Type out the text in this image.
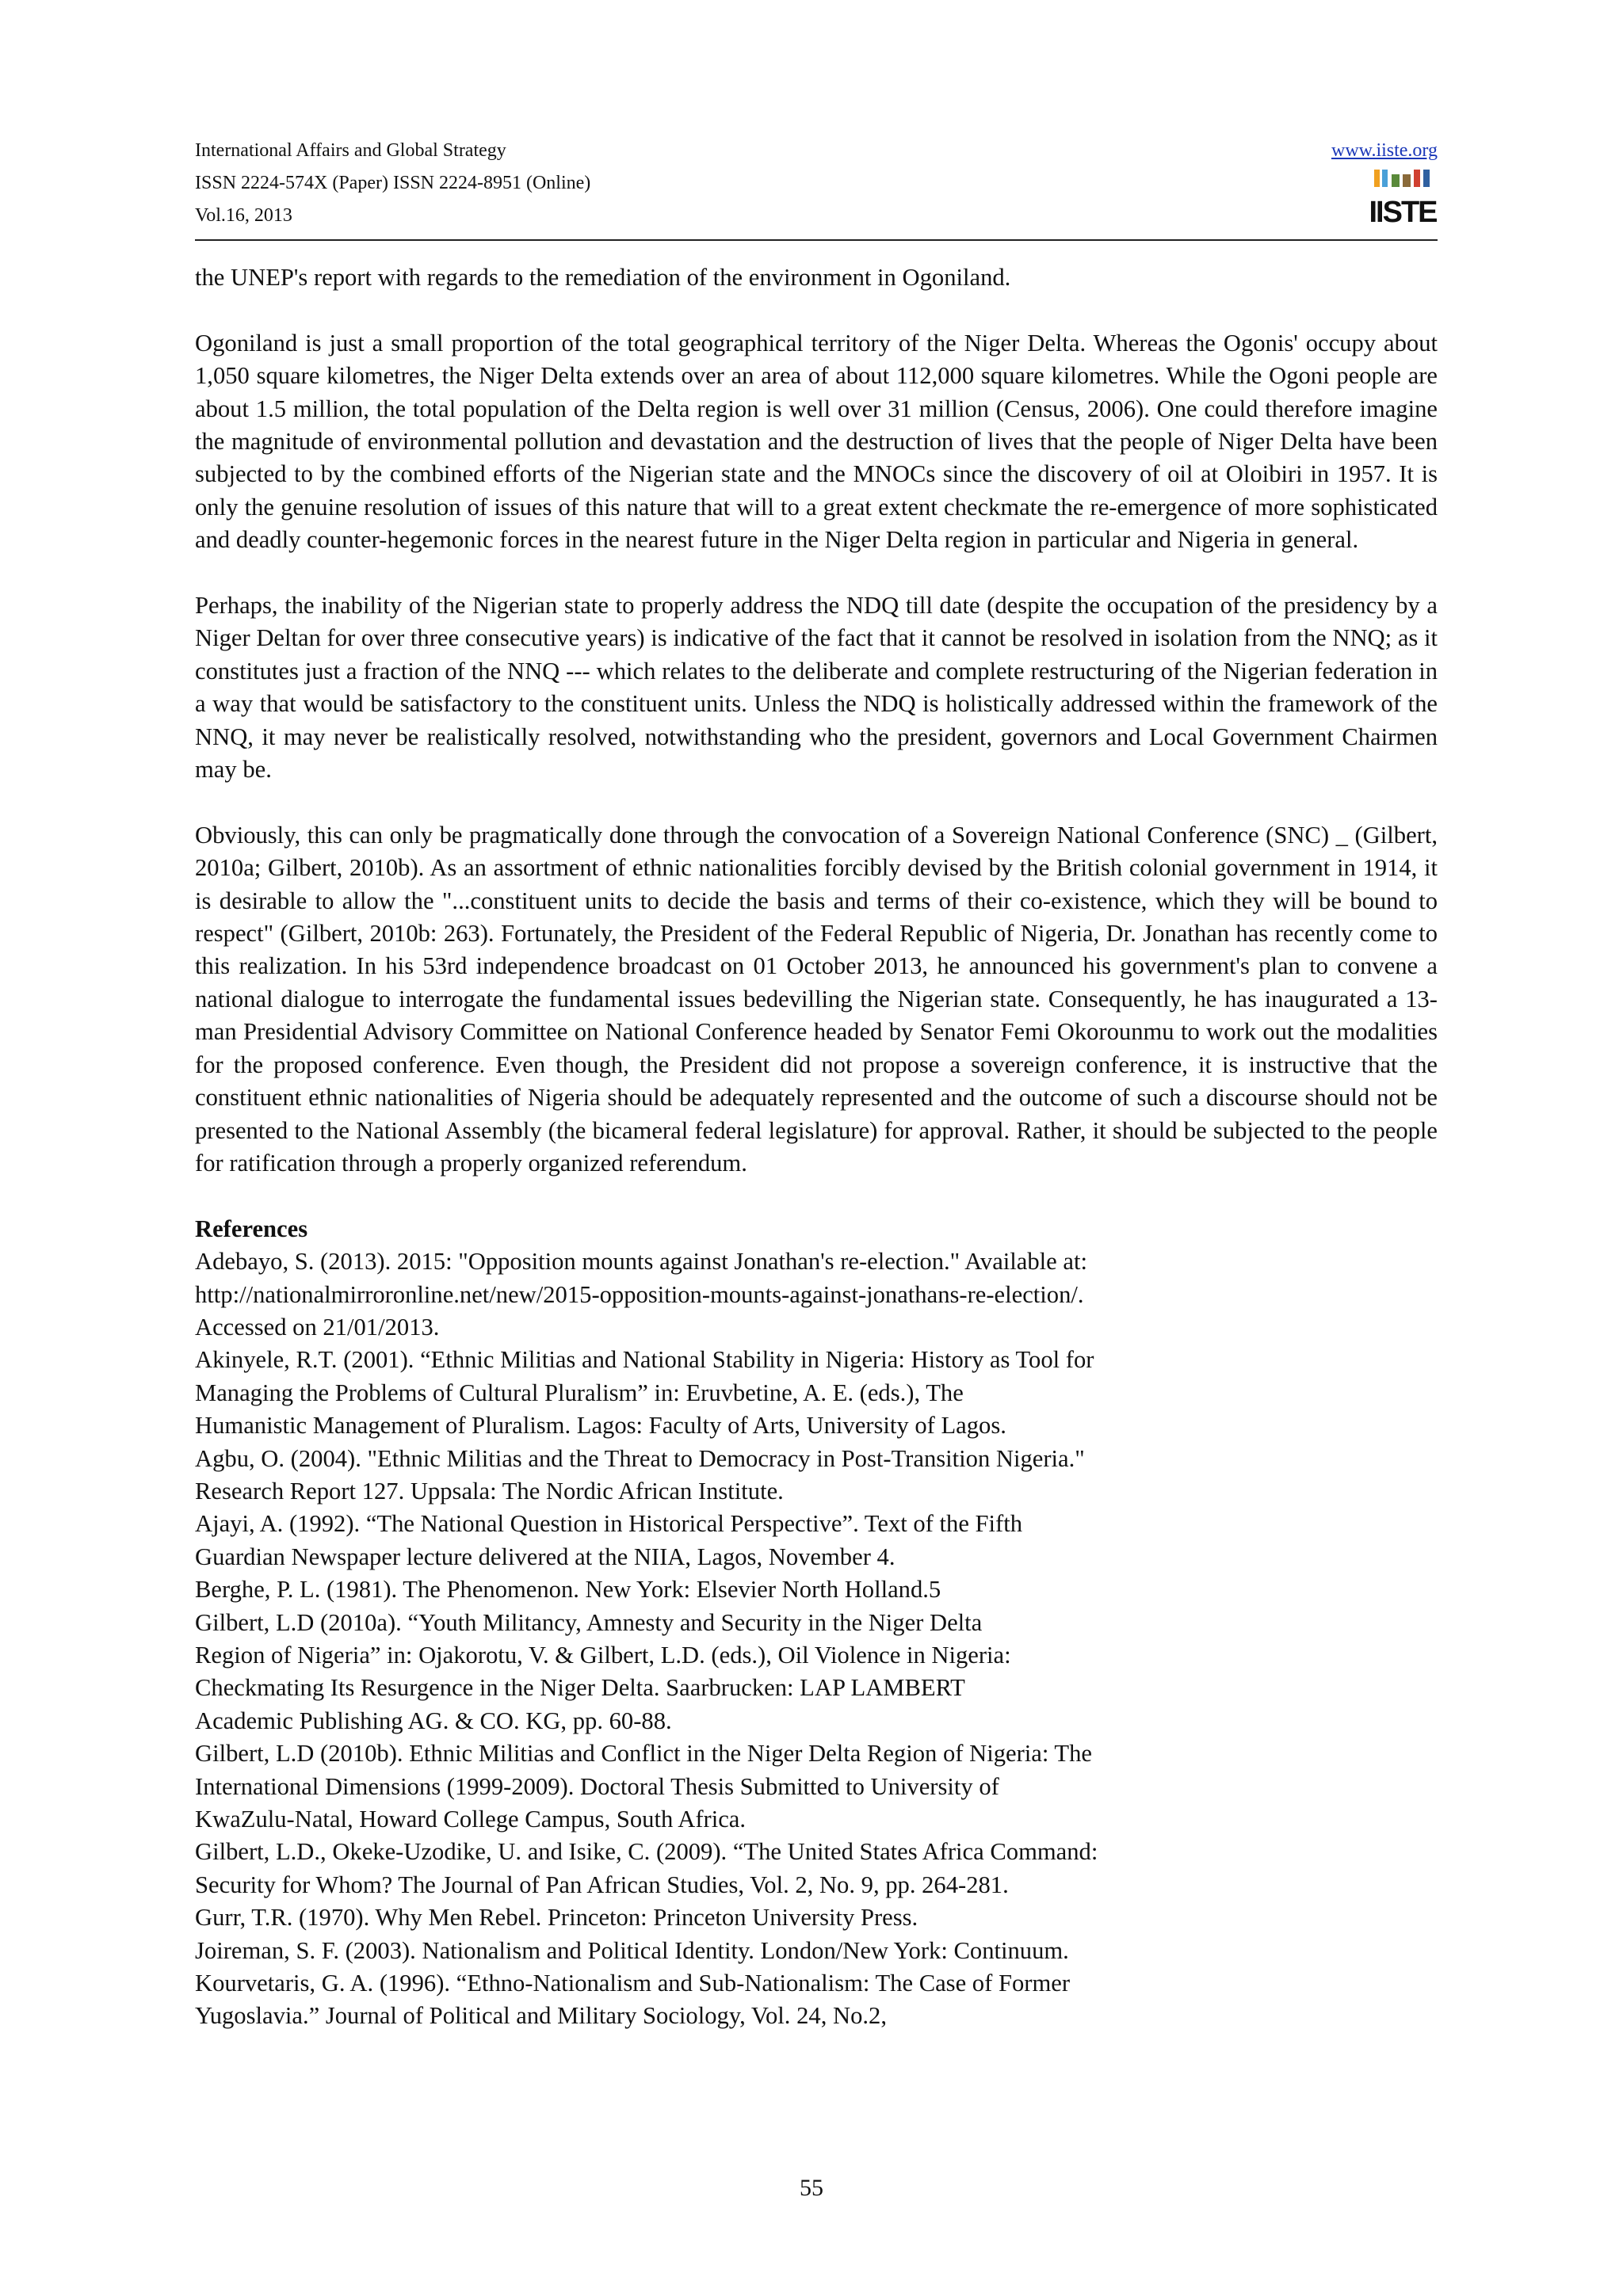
International Affairs and Global Strategy
ISSN 2224-574X (Paper) ISSN 2224-8951 (Online)
Vol.16, 2013
www.iiste.org
IISTE

the UNEP's report with regards to the remediation of the environment in Ogoniland.

Ogoniland is just a small proportion of the total geographical territory of the Niger Delta. Whereas the Ogonis' occupy about 1,050 square kilometres, the Niger Delta extends over an area of about 112,000 square kilometres. While the Ogoni people are about 1.5 million, the total population of the Delta region is well over 31 million (Census, 2006). One could therefore imagine the magnitude of environmental pollution and devastation and the destruction of lives that the people of Niger Delta have been subjected to by the combined efforts of the Nigerian state and the MNOCs since the discovery of oil at Oloibiri in 1957. It is only the genuine resolution of issues of this nature that will to a great extent checkmate the re-emergence of more sophisticated and deadly counter-hegemonic forces in the nearest future in the Niger Delta region in particular and Nigeria in general.

Perhaps, the inability of the Nigerian state to properly address the NDQ till date (despite the occupation of the presidency by a Niger Deltan for over three consecutive years) is indicative of the fact that it cannot be resolved in isolation from the NNQ; as it constitutes just a fraction of the NNQ --- which relates to the deliberate and complete restructuring of the Nigerian federation in a way that would be satisfactory to the constituent units. Unless the NDQ is holistically addressed within the framework of the NNQ, it may never be realistically resolved, notwithstanding who the president, governors and Local Government Chairmen may be.

Obviously, this can only be pragmatically done through the convocation of a Sovereign National Conference (SNC) _ (Gilbert, 2010a; Gilbert, 2010b). As an assortment of ethnic nationalities forcibly devised by the British colonial government in 1914, it is desirable to allow the "...constituent units to decide the basis and terms of their co-existence, which they will be bound to respect" (Gilbert, 2010b: 263). Fortunately, the President of the Federal Republic of Nigeria, Dr. Jonathan has recently come to this realization. In his 53rd independence broadcast on 01 October 2013, he announced his government's plan to convene a national dialogue to interrogate the fundamental issues bedevilling the Nigerian state. Consequently, he has inaugurated a 13-man Presidential Advisory Committee on National Conference headed by Senator Femi Okorounmu to work out the modalities for the proposed conference. Even though, the President did not propose a sovereign conference, it is instructive that the constituent ethnic nationalities of Nigeria should be adequately represented and the outcome of such a discourse should not be presented to the National Assembly (the bicameral federal legislature) for approval. Rather, it should be subjected to the people for ratification through a properly organized referendum.

References
Adebayo, S. (2013). 2015: "Opposition mounts against Jonathan's re-election." Available at:
http://nationalmirroronline.net/new/2015-opposition-mounts-against-jonathans-re-election/.
Accessed on 21/01/2013.
Akinyele, R.T. (2001). “Ethnic Militias and National Stability in Nigeria: History as Tool for
Managing the Problems of Cultural Pluralism” in: Eruvbetine, A. E. (eds.), The
Humanistic Management of Pluralism. Lagos: Faculty of Arts, University of Lagos.
Agbu, O. (2004). "Ethnic Militias and the Threat to Democracy in Post-Transition Nigeria."
Research Report 127. Uppsala: The Nordic African Institute.
Ajayi, A. (1992). “The National Question in Historical Perspective”. Text of the Fifth
Guardian Newspaper lecture delivered at the NIIA, Lagos, November 4.
Berghe, P. L. (1981). The Phenomenon. New York: Elsevier North Holland.5
Gilbert, L.D (2010a). “Youth Militancy, Amnesty and Security in the Niger Delta
Region of Nigeria” in: Ojakorotu, V. & Gilbert, L.D. (eds.), Oil Violence in Nigeria:
Checkmating Its Resurgence in the Niger Delta. Saarbrucken: LAP LAMBERT
Academic Publishing AG. & CO. KG, pp. 60-88.
Gilbert, L.D (2010b). Ethnic Militias and Conflict in the Niger Delta Region of Nigeria: The
International Dimensions (1999-2009). Doctoral Thesis Submitted to University of
KwaZulu-Natal, Howard College Campus, South Africa.
Gilbert, L.D., Okeke-Uzodike, U. and Isike, C. (2009). “The United States Africa Command:
Security for Whom? The Journal of Pan African Studies, Vol. 2, No. 9, pp. 264-281.
Gurr, T.R. (1970). Why Men Rebel. Princeton: Princeton University Press.
Joireman, S. F. (2003). Nationalism and Political Identity. London/New York: Continuum.
Kourvetaris, G. A. (1996). “Ethno-Nationalism and Sub-Nationalism: The Case of Former
Yugoslavia.” Journal of Political and Military Sociology, Vol. 24, No.2,
55
